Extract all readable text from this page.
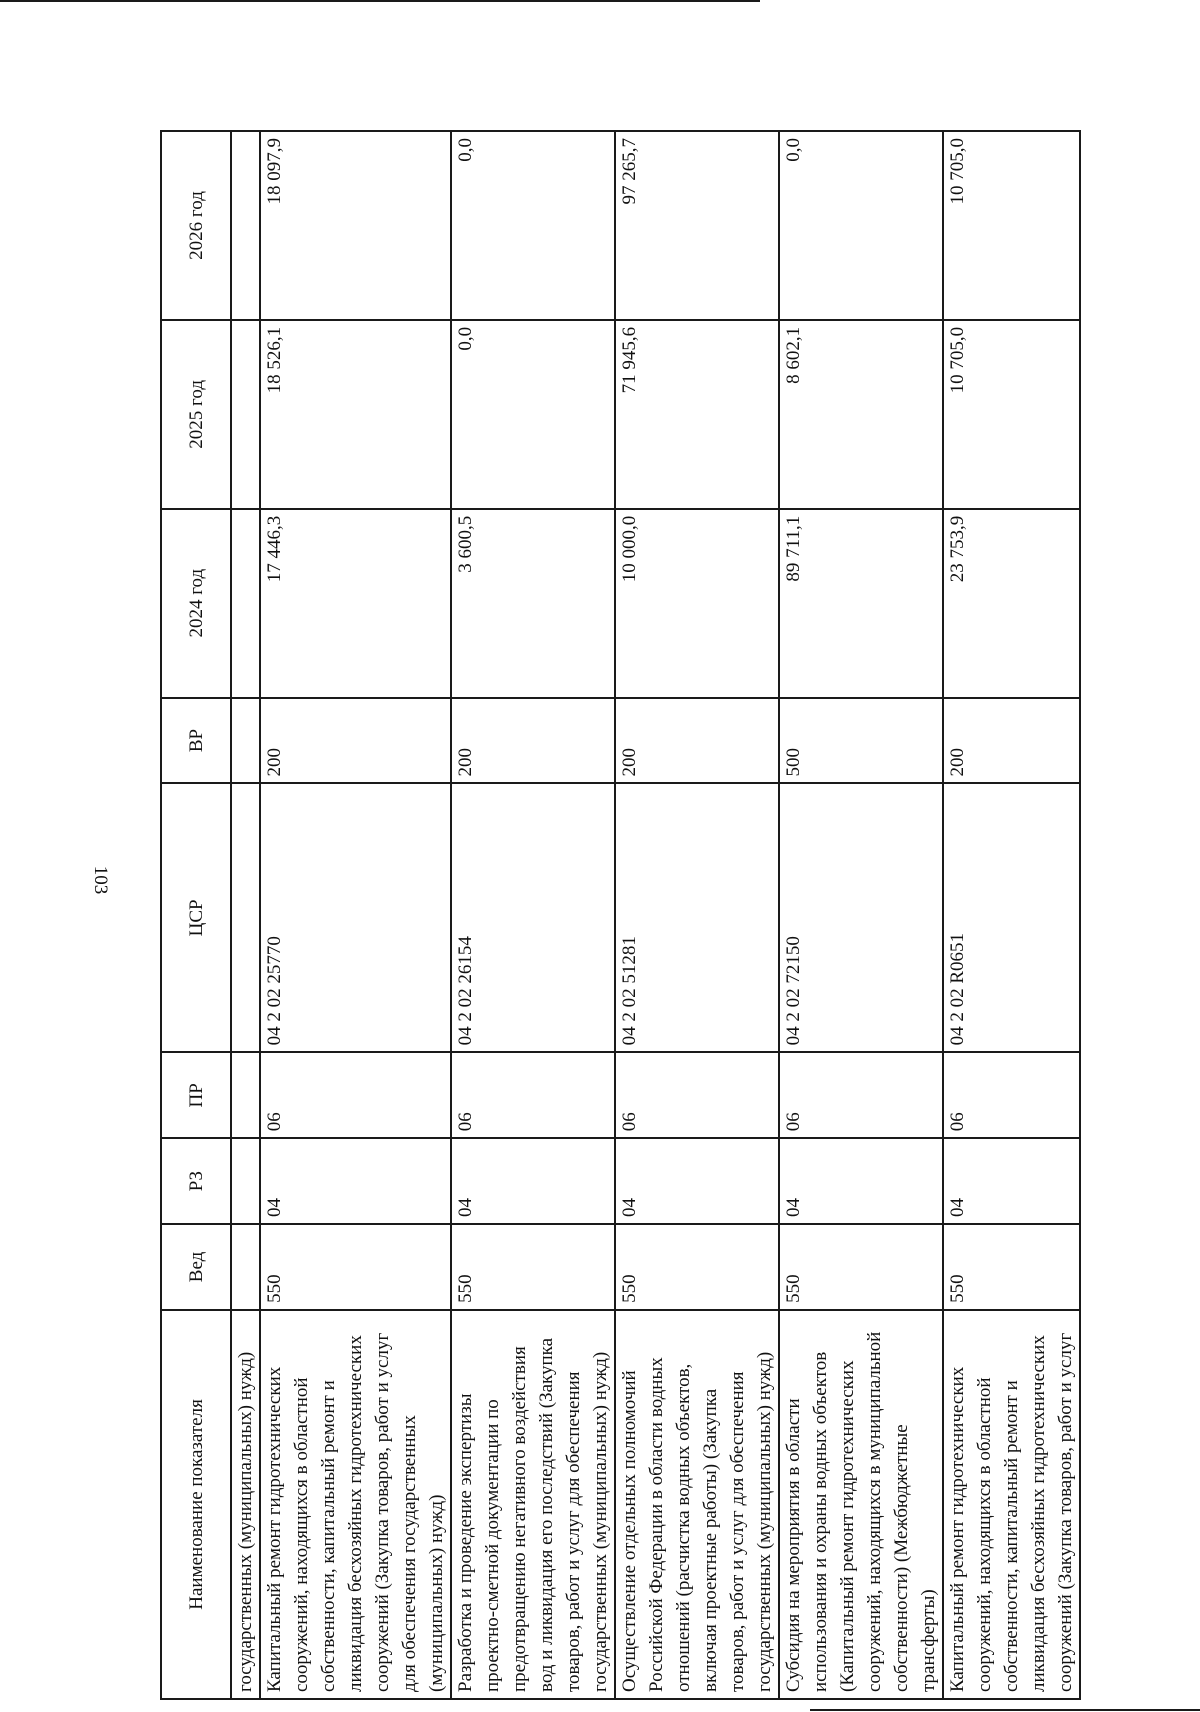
103
Наименование показателя	Вед	РЗ	ПР	ЦСР	ВР	2024 год	2025 год	2026 год
государственных (муниципальных) нужд)								
Капитальный ремонт гидротехнических сооружений, находящихся в областной собственности, капитальный ремонт и ликвидация бесхозяйных гидротехнических сооружений (Закупка товаров, работ и услуг для обеспечения государственных (муниципальных) нужд)	550	04	06	04 2 02 25770	200	17 446,3	18 526,1	18 097,9
Разработка и проведение экспертизы проектно-сметной документации по предотвращению негативного воздействия вод и ликвидация его последствий (Закупка товаров, работ и услуг для обеспечения государственных (муниципальных) нужд)	550	04	06	04 2 02 26154	200	3 600,5	0,0	0,0
Осуществление отдельных полномочий Российской Федерации в области водных отношений (расчистка водных объектов, включая проектные работы) (Закупка товаров, работ и услуг для обеспечения государственных (муниципальных) нужд)	550	04	06	04 2 02 51281	200	10 000,0	71 945,6	97 265,7
Субсидия на мероприятия в области использования и охраны водных объектов (Капитальный ремонт гидротехнических сооружений, находящихся в муниципальной собственности) (Межбюджетные трансферты)	550	04	06	04 2 02 72150	500	89 711,1	8 602,1	0,0
Капитальный ремонт гидротехнических сооружений, находящихся в областной собственности, капитальный ремонт и ликвидация бесхозяйных гидротехнических сооружений (Закупка товаров, работ и услуг	550	04	06	04 2 02 R0651	200	23 753,9	10 705,0	10 705,0
